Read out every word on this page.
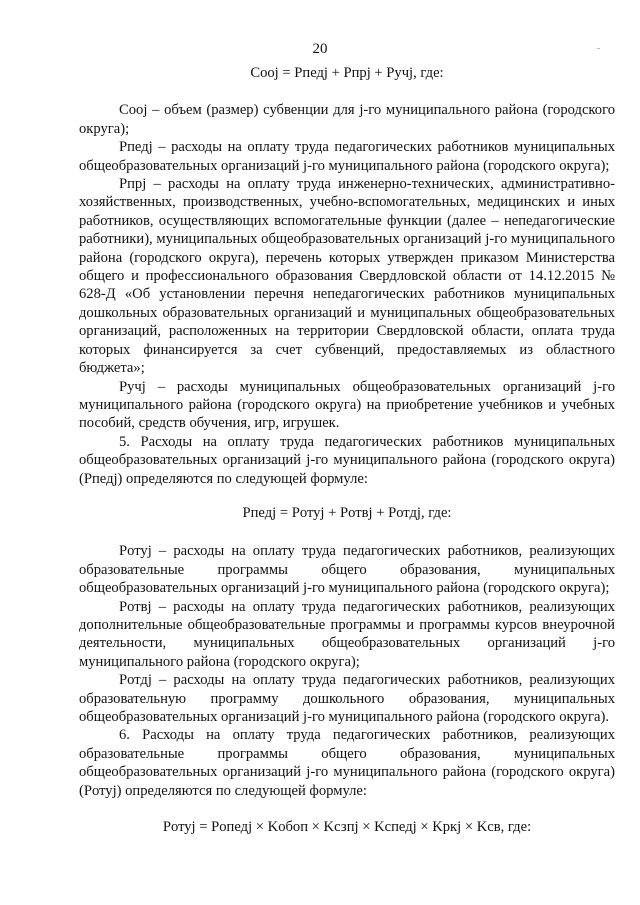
20

Cooj = Pпедj + Pпрj + Pучj, где:

Cooj – объем (размер) субвенции для j-го муниципального района (городского округа);

Pпедj – расходы на оплату труда педагогических работников муниципальных общеобразовательных организаций j-го муниципального района (городского округа);

Pпрj – расходы на оплату труда инженерно-технических, административно-хозяйственных, производственных, учебно-вспомогательных, медицинских и иных работников, осуществляющих вспомогательные функции (далее – непедагогические работники), муниципальных общеобразовательных организаций j-го муниципального района (городского округа), перечень которых утвержден приказом Министерства общего и профессионального образования Свердловской области от 14.12.2015 № 628-Д «Об установлении перечня непедагогических работников муниципальных дошкольных образовательных организаций и муниципальных общеобразовательных организаций, расположенных на территории Свердловской области, оплата труда которых финансируется за счет субвенций, предоставляемых из областного бюджета»;

Pучj – расходы муниципальных общеобразовательных организаций j-го муниципального района (городского округа) на приобретение учебников и учебных пособий, средств обучения, игр, игрушек.

5. Расходы на оплату труда педагогических работников муниципальных общеобразовательных организаций j-го муниципального района (городского округа) (Pпедj) определяются по следующей формуле:

Pпедj = Pотуj + Pотвj + Pотдj, где:

Pотуj – расходы на оплату труда педагогических работников, реализующих образовательные программы общего образования, муниципальных общеобразовательных организаций j-го муниципального района (городского округа);

Pотвj – расходы на оплату труда педагогических работников, реализующих дополнительные общеобразовательные программы и программы курсов внеурочной деятельности, муниципальных общеобразовательных организаций j-го муниципального района (городского округа);

Pотдj – расходы на оплату труда педагогических работников, реализующих образовательную программу дошкольного образования, муниципальных общеобразовательных организаций j-го муниципального района (городского округа).

6. Расходы на оплату труда педагогических работников, реализующих образовательные программы общего образования, муниципальных общеобразовательных организаций j-го муниципального района (городского округа) (Pотуj) определяются по следующей формуле:

Pотуj = Pопедj × Kобоп × Kсзпj × Kспедj × Kpкj × Kсв, где:
